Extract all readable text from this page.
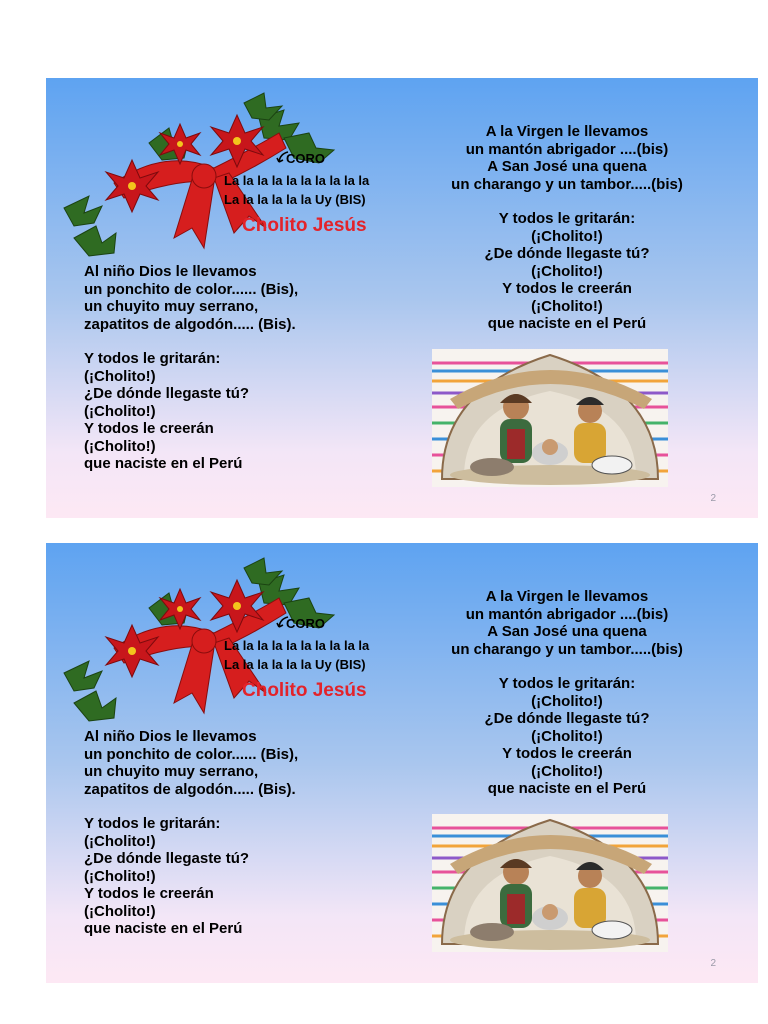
CORO
La la la la la la la la la la
La la la la la la Uy (BIS)
Cholito Jesús
Al niño Dios le llevamos
un ponchito de color...... (Bis),
un chuyito muy serrano,
zapatitos de algodón..... (Bis).
Y todos le gritarán:
(¡Cholito!)
¿De dónde llegaste tú?
(¡Cholito!)
Y todos le creerán
(¡Cholito!)
que naciste en el Perú
A la Virgen le llevamos
un mantón abrigador ....(bis)
A San José una quena
un charango y un tambor.....(bis)
Y todos le gritarán:
(¡Cholito!)
¿De dónde llegaste tú?
(¡Cholito!)
Y todos le creerán
(¡Cholito!)
que naciste en el Perú
2
CORO
La la la la la la la la la la
La la la la la la Uy (BIS)
Cholito Jesús
Al niño Dios le llevamos
un ponchito de color...... (Bis),
un chuyito muy serrano,
zapatitos de algodón..... (Bis).
Y todos le gritarán:
(¡Cholito!)
¿De dónde llegaste tú?
(¡Cholito!)
Y todos le creerán
(¡Cholito!)
que naciste en el Perú
A la Virgen le llevamos
un mantón abrigador ....(bis)
A San José una quena
un charango y un tambor.....(bis)
Y todos le gritarán:
(¡Cholito!)
¿De dónde llegaste tú?
(¡Cholito!)
Y todos le creerán
(¡Cholito!)
que naciste en el Perú
2
